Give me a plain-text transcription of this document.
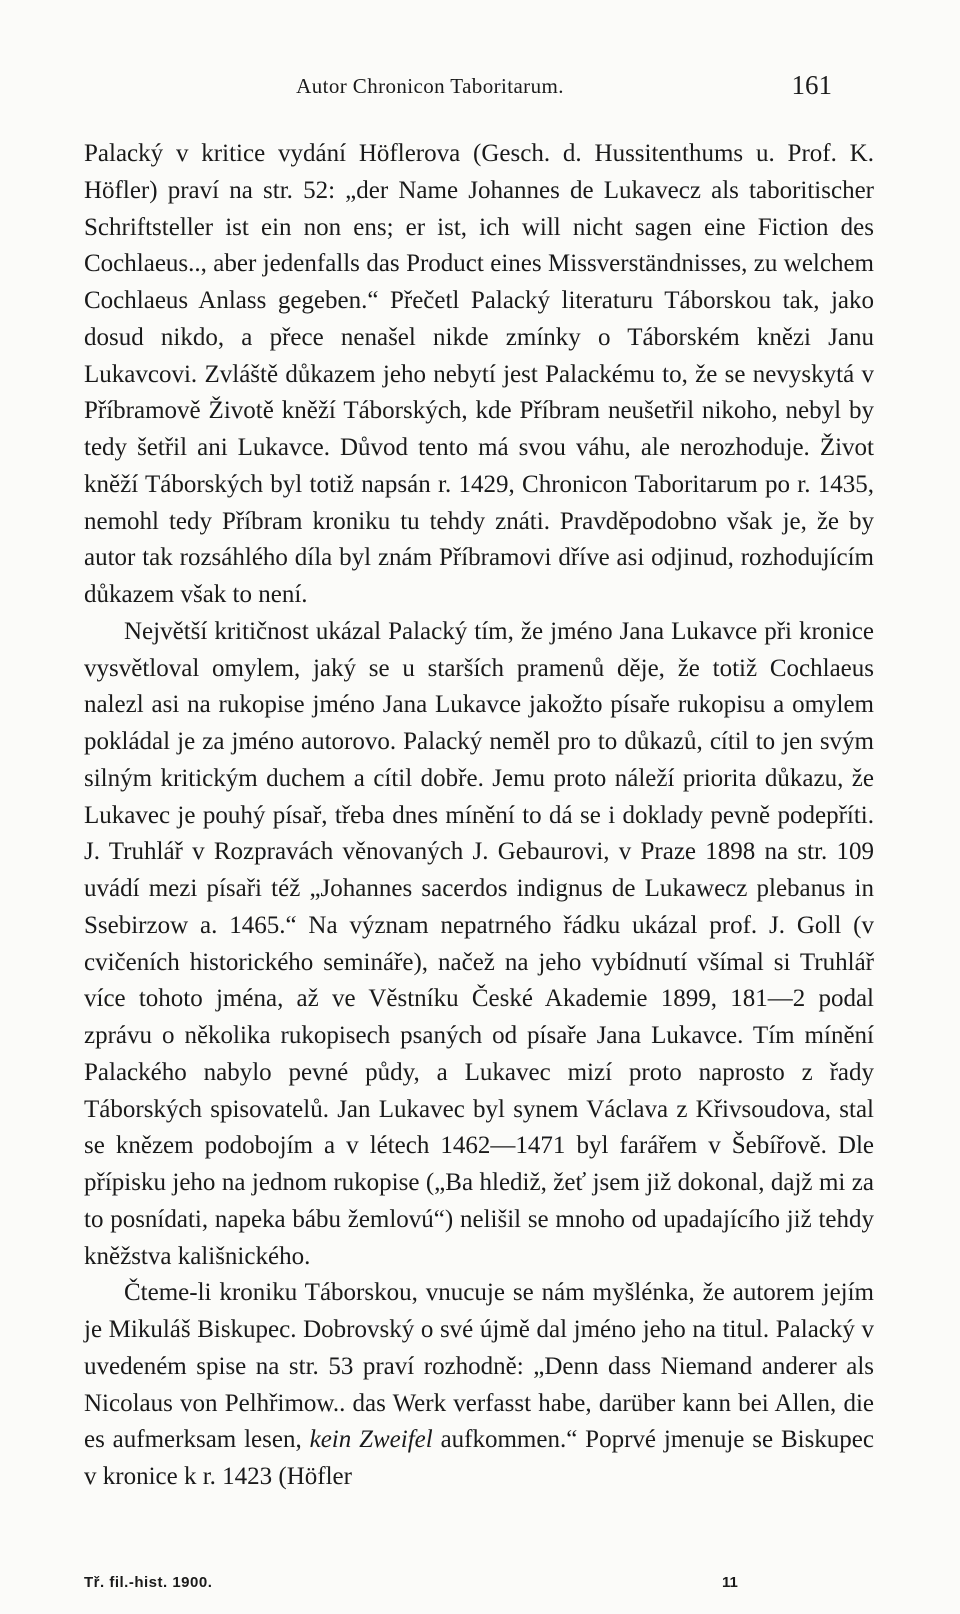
Autor Chronicon Taboritarum.	161

Palacký v kritice vydání Höflerova (Gesch. d. Hussitenthums u. Prof. K. Höfler) praví na str. 52: „der Name Johannes de Lukavecz als taboritischer Schriftsteller ist ein non ens; er ist, ich will nicht sagen eine Fiction des Cochlaeus.., aber jedenfalls das Product eines Missverständnisses, zu welchem Cochlaeus Anlass gegeben.“ Přečetl Palacký literaturu Táborskou tak, jako dosud nikdo, a přece nenašel nikde zmínky o Táborském knězi Janu Lukavcovi. Zvláště důkazem jeho nebytí jest Palackému to, že se nevyskytá v Příbramově Životě kněží Táborských, kde Příbram neušetřil nikoho, nebyl by tedy šetřil ani Lukavce. Důvod tento má svou váhu, ale nerozhoduje. Život kněží Táborských byl totiž napsán r. 1429, Chronicon Taboritarum po r. 1435, nemohl tedy Příbram kroniku tu tehdy znáti. Pravděpodobno však je, že by autor tak rozsáhlého díla byl znám Příbramovi dříve asi odjinud, rozhodujícím důkazem však to není.

Největší kritičnost ukázal Palacký tím, že jméno Jana Lukavce při kronice vysvětloval omylem, jaký se u starších pramenů děje, že totiž Cochlaeus nalezl asi na rukopise jméno Jana Lukavce jakožto písaře rukopisu a omylem pokládal je za jméno autorovo. Palacký neměl pro to důkazů, cítil to jen svým silným kritickým duchem a cítil dobře. Jemu proto náleží priorita důkazu, že Lukavec je pouhý písař, třeba dnes mínění to dá se i doklady pevně podepříti. J. Truhlář v Rozpravách věnovaných J. Gebaurovi, v Praze 1898 na str. 109 uvádí mezi písaři též „Johannes sacerdos indignus de Lukawecz plebanus in Ssebirzow a. 1465.“ Na význam nepatrného řádku ukázal prof. J. Goll (v cvičeních historického semináře), načež na jeho vybídnutí všímal si Truhlář více tohoto jména, až ve Věstníku České Akademie 1899, 181—2 podal zprávu o několika rukopisech psaných od písaře Jana Lukavce. Tím mínění Palackého nabylo pevné půdy, a Lukavec mizí proto naprosto z řady Táborských spisovatelů. Jan Lukavec byl synem Václava z Křivsoudova, stal se knězem podobojím a v létech 1462—1471 byl farářem v Šebířově. Dle přípisku jeho na jednom rukopise („Ba hlediž, žeť jsem již dokonal, dajž mi za to posnídati, napeka bábu žemlovú“) nelišil se mnoho od upadajícího již tehdy kněžstva kališnického.

Čteme-li kroniku Táborskou, vnucuje se nám myšlénka, že autorem jejím je Mikuláš Biskupec. Dobrovský o své újmě dal jméno jeho na titul. Palacký v uvedeném spise na str. 53 praví rozhodně: „Denn dass Niemand anderer als Nicolaus von Pelhřimow.. das Werk verfasst habe, darüber kann bei Allen, die es aufmerksam lesen, kein Zweifel aufkommen.“ Poprvé jmenuje se Biskupec v kronice k r. 1423 (Höfler

Tř. fil.-hist. 1900.	11
